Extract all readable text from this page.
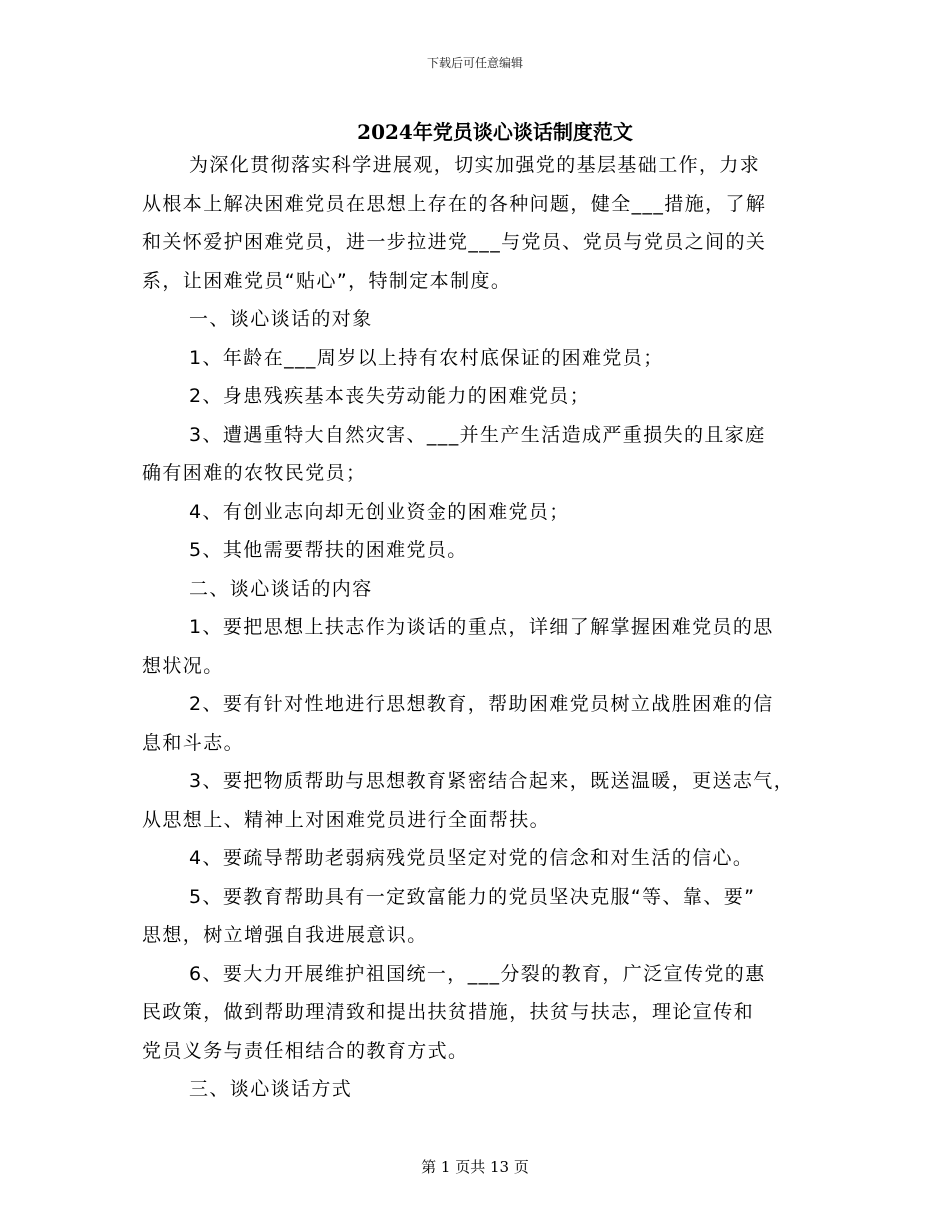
下载后可任意编辑
2024年党员谈心谈话制度范文
为深化贯彻落实科学进展观，切实加强党的基层基础工作，力求
从根本上解决困难党员在思想上存在的各种问题，健全___措施，了解
和关怀爱护困难党员，进一步拉进党___与党员、党员与党员之间的关
系，让困难党员“贴心”，特制定本制度。
一、谈心谈话的对象
1、年龄在___周岁以上持有农村底保证的困难党员；
2、身患残疾基本丧失劳动能力的困难党员；
3、遭遇重特大自然灾害、___并生产生活造成严重损失的且家庭
确有困难的农牧民党员；
4、有创业志向却无创业资金的困难党员；
5、其他需要帮扶的困难党员。
二、谈心谈话的内容
1、要把思想上扶志作为谈话的重点，详细了解掌握困难党员的思
想状况。
2、要有针对性地进行思想教育，帮助困难党员树立战胜困难的信
息和斗志。
3、要把物质帮助与思想教育紧密结合起来，既送温暖，更送志气，
从思想上、精神上对困难党员进行全面帮扶。
4、要疏导帮助老弱病残党员坚定对党的信念和对生活的信心。
5、要教育帮助具有一定致富能力的党员坚决克服“等、靠、要”
思想，树立增强自我进展意识。
6、要大力开展维护祖国统一，___分裂的教育，广泛宣传党的惠
民政策，做到帮助理清致和提出扶贫措施，扶贫与扶志，理论宣传和
党员义务与责任相结合的教育方式。
三、谈心谈话方式
第 1 页共 13 页
